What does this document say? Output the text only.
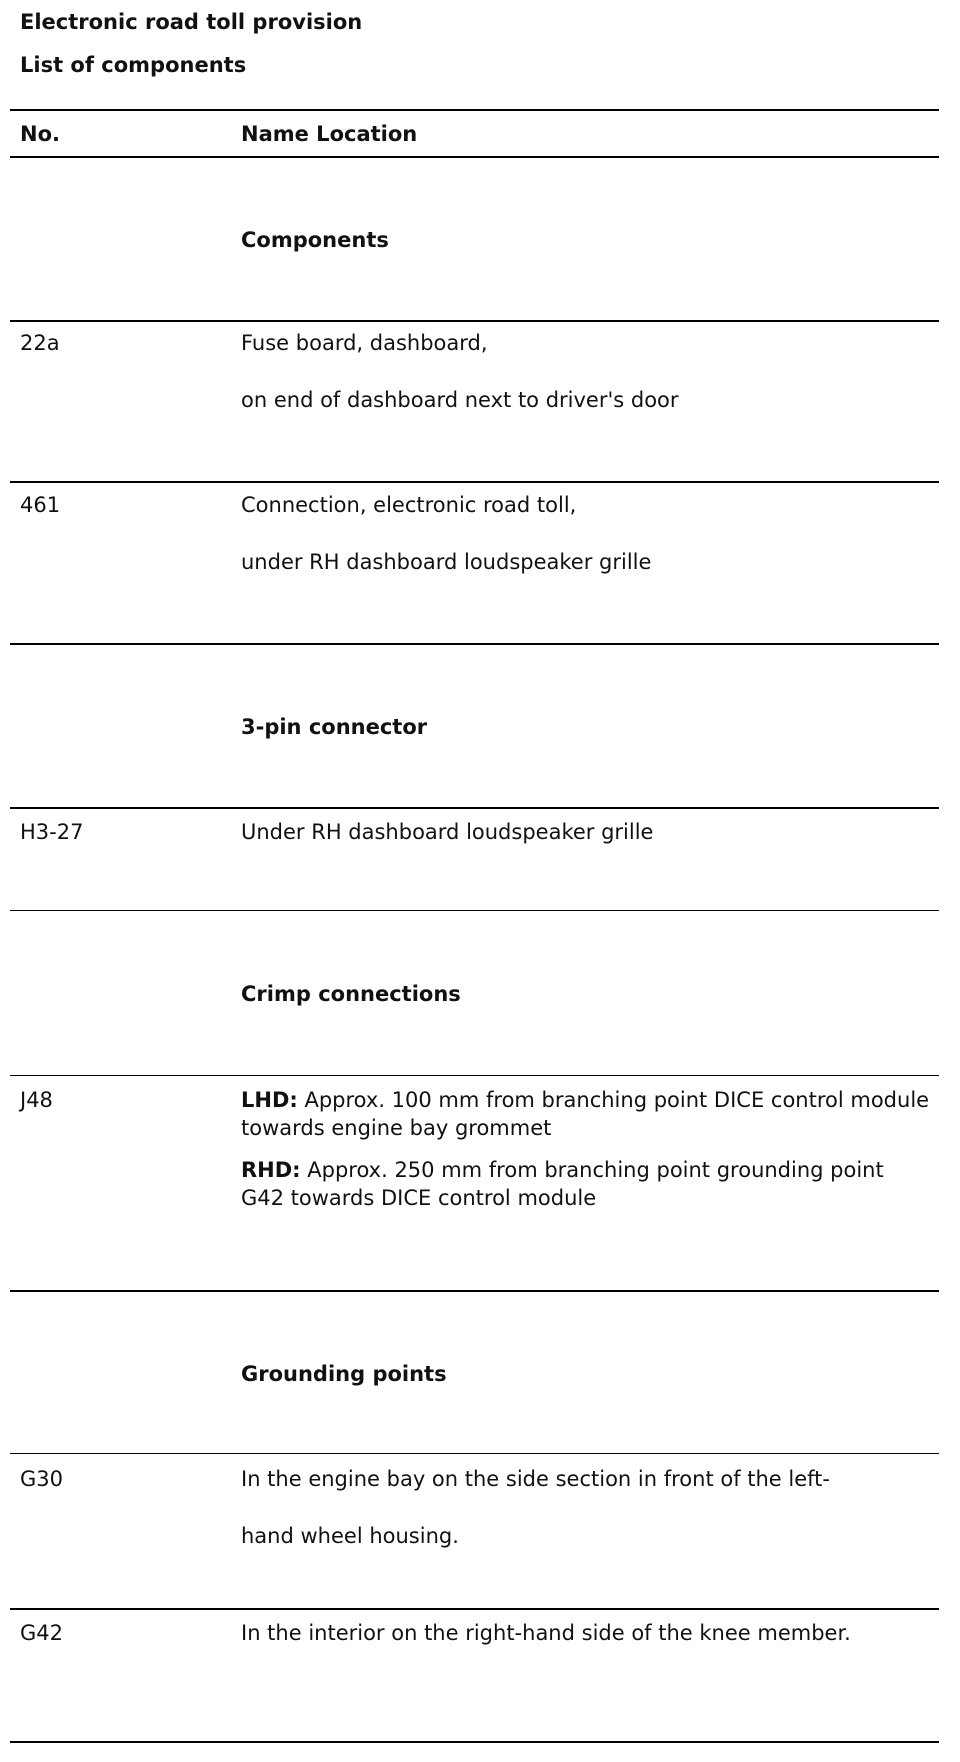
Electronic road toll provision
List of components
No.	Name Location
Components
22a	Fuse board, dashboard,
on end of dashboard next to driver's door
461	Connection, electronic road toll,
under RH dashboard loudspeaker grille
3-pin connector
H3-27	Under RH dashboard loudspeaker grille
Crimp connections
J48	LHD: Approx. 100 mm from branching point DICE control module towards engine bay grommet
RHD: Approx. 250 mm from branching point grounding point G42 towards DICE control module
Grounding points
G30	In the engine bay on the side section in front of the left-
hand wheel housing.
G42	In the interior on the right-hand side of the knee member.
